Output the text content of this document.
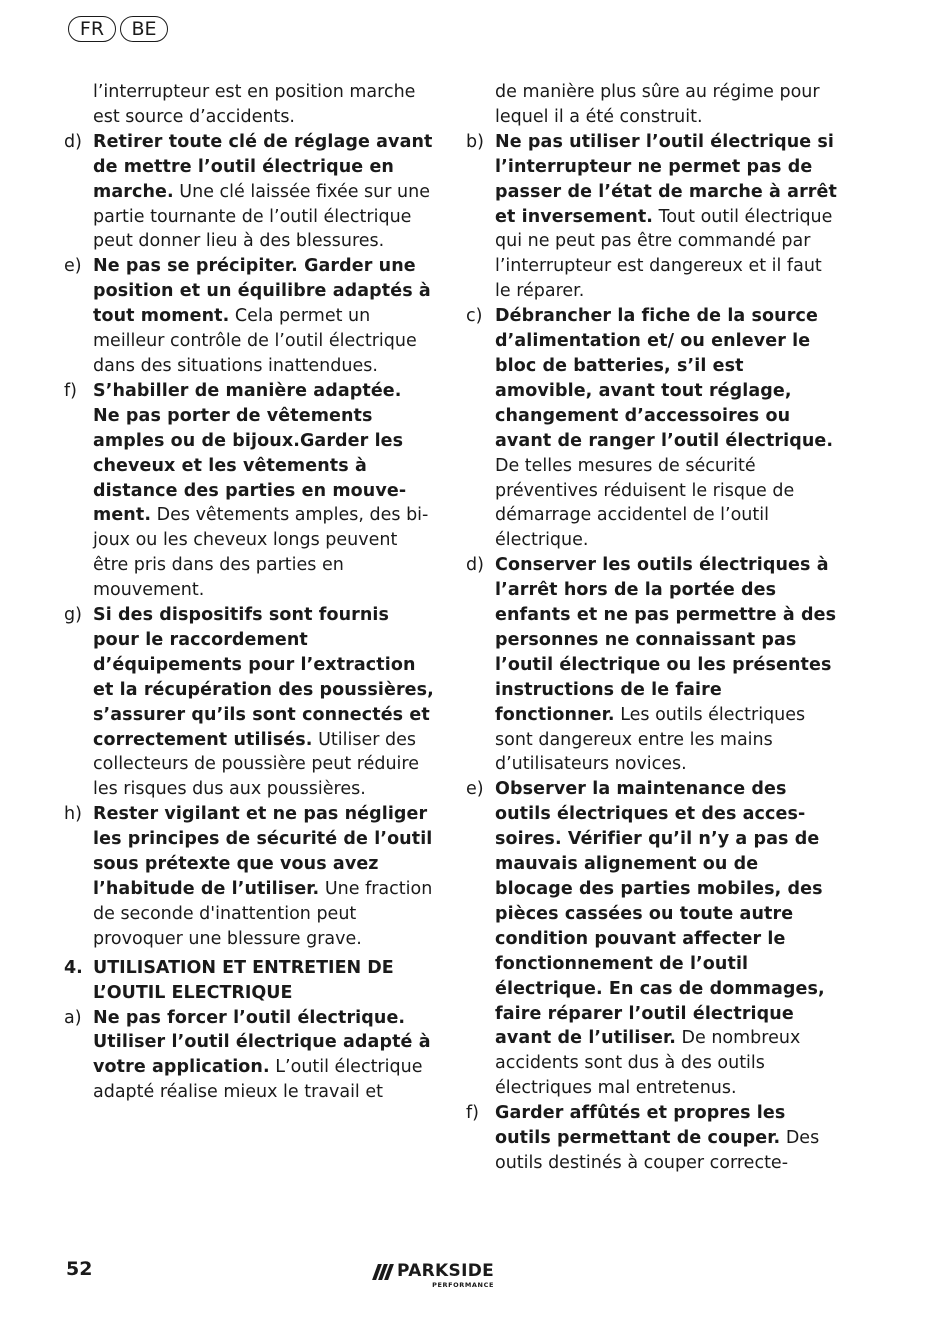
FR	BE
l’interrupteur est en position marche est source d’accidents.
d) Retirer toute clé de réglage avant de mettre l’outil électrique en marche. Une clé laissée fixée sur une partie tournante de l’outil électrique peut donner lieu à des blessures.
e) Ne pas se précipiter. Garder une position et un équilibre adaptés à tout moment. Cela permet un meilleur contrôle de l’outil électrique dans des situations inattendues.
f) S’habiller de manière adaptée. Ne pas porter de vêtements amples ou de bijoux.Garder les cheveux et les vêtements à distance des parties en mouvement. Des vêtements amples, des bijoux ou les cheveux longs peuvent être pris dans des parties en mouvement.
g) Si des dispositifs sont fournis pour le raccordement d’équipements pour l’extraction et la récupération des poussières, s’assurer qu’ils sont connectés et correctement utilisés. Utiliser des collecteurs de poussière peut réduire les risques dus aux poussières.
h) Rester vigilant et ne pas négliger les principes de sécurité de l’outil sous prétexte que vous avez l’habitude de l’utiliser. Une fraction de seconde d'inattention peut provoquer une blessure grave.
4. UTILISATION ET ENTRETIEN DE L’OUTIL ELECTRIQUE
a) Ne pas forcer l’outil électrique. Utiliser l’outil électrique adapté à votre application. L’outil électrique adapté réalise mieux le travail et
de manière plus sûre au régime pour lequel il a été construit.
b) Ne pas utiliser l’outil électrique si l’interrupteur ne permet pas de passer de l’état de marche à arrêt et inversement. Tout outil électrique qui ne peut pas être commandé par l’interrupteur est dangereux et il faut le réparer.
c) Débrancher la fiche de la source d’alimentation et/ ou enlever le bloc de batteries, s’il est amovible, avant tout réglage, changement d’accessoires ou avant de ranger l’outil électrique. De telles mesures de sécurité préventives réduisent le risque de démarrage accidentel de l’outil électrique.
d) Conserver les outils électriques à l’arrêt hors de la portée des enfants et ne pas permettre à des personnes ne connaissant pas l’outil électrique ou les présentes instructions de le faire fonctionner. Les outils électriques sont dangereux entre les mains d’utilisateurs novices.
e) Observer la maintenance des outils électriques et des accessoires. Vérifier qu’il n’y a pas de mauvais alignement ou de blocage des parties mobiles, des pièces cassées ou toute autre condition pouvant affecter le fonctionnement de l’outil électrique. En cas de dommages, faire réparer l’outil électrique avant de l’utiliser. De nombreux accidents sont dus à des outils électriques mal entretenus.
f) Garder affûtés et propres les outils permettant de couper. Des outils destinés à couper correcte-
52	PARKSIDE
PERFORMANCE
